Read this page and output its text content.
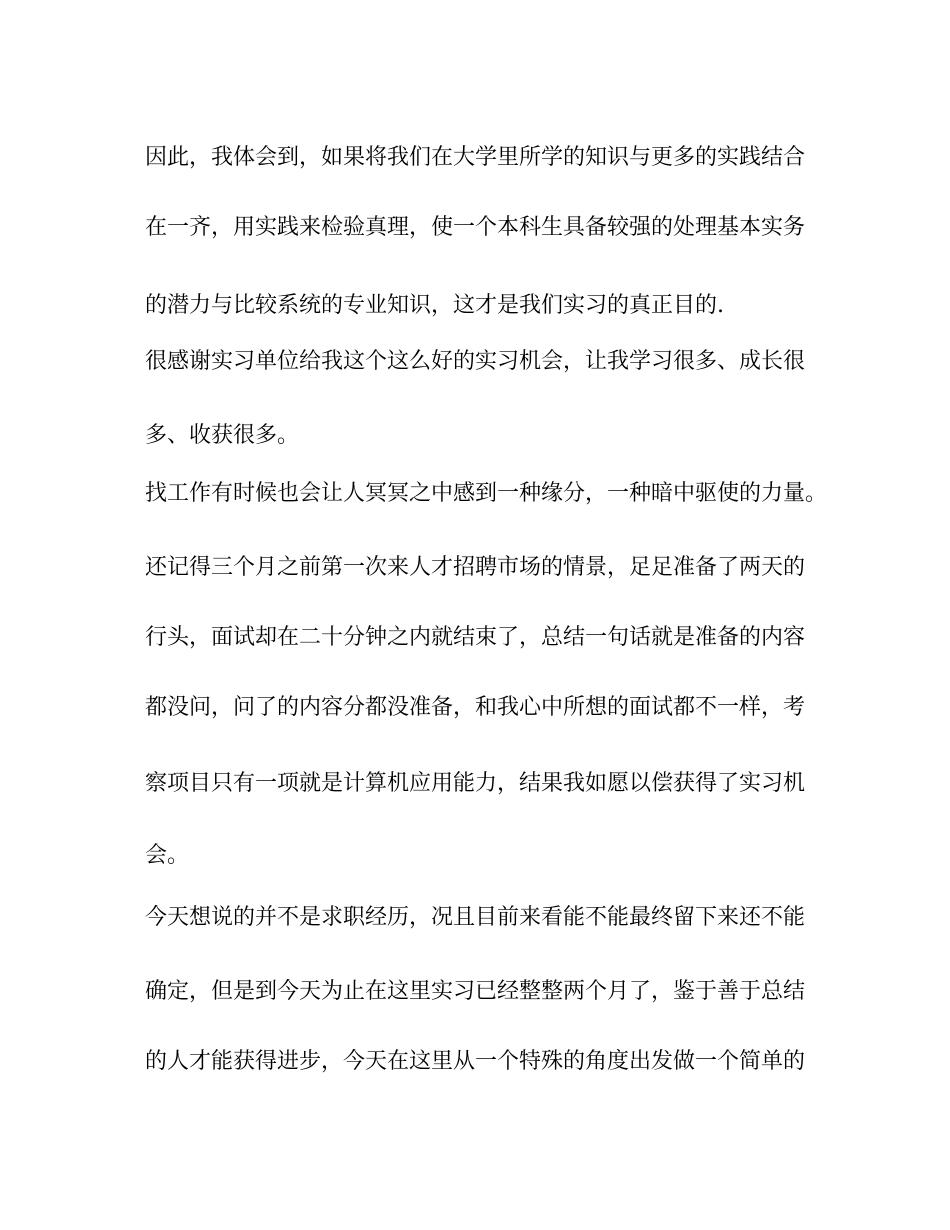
因此，我体会到，如果将我们在大学里所学的知识与更多的实践结合
在一齐，用实践来检验真理，使一个本科生具备较强的处理基本实务
的潜力与比较系统的专业知识，这才是我们实习的真正目的.
很感谢实习单位给我这个这么好的实习机会，让我学习很多、成长很
多、收获很多。
找工作有时候也会让人冥冥之中感到一种缘分，一种暗中驱使的力量。
还记得三个月之前第一次来人才招聘市场的情景，足足准备了两天的
行头，面试却在二十分钟之内就结束了，总结一句话就是准备的内容
都没问，问了的内容分都没准备，和我心中所想的面试都不一样，考
察项目只有一项就是计算机应用能力，结果我如愿以偿获得了实习机
会。
今天想说的并不是求职经历，况且目前来看能不能最终留下来还不能
确定，但是到今天为止在这里实习已经整整两个月了，鉴于善于总结
的人才能获得进步，今天在这里从一个特殊的角度出发做一个简单的
